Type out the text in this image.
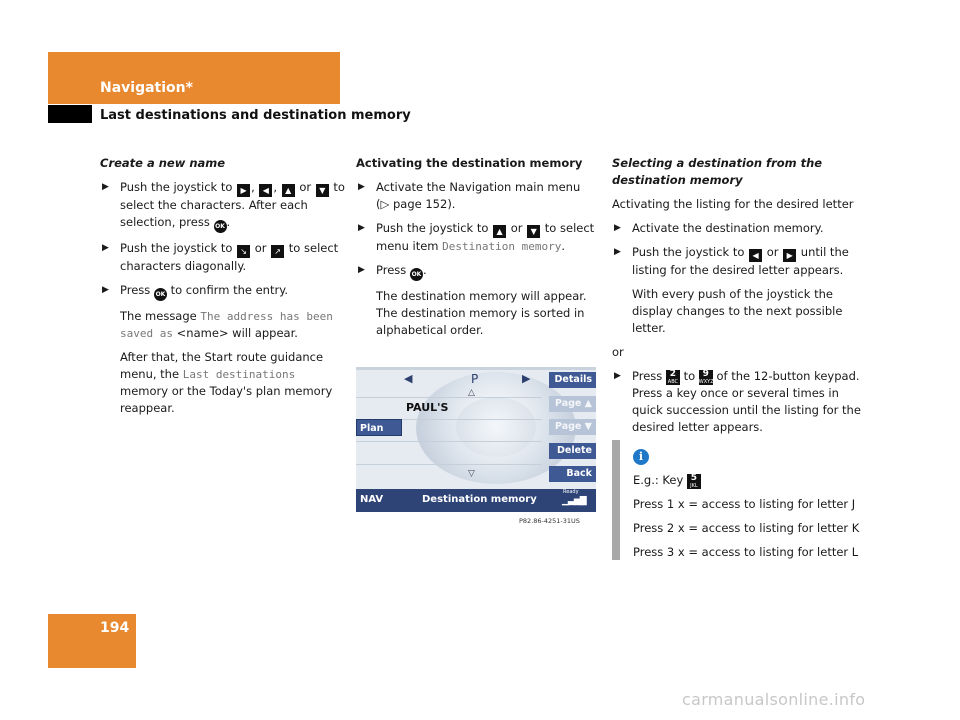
Navigation*
Last destinations and destination memory
Create a new name
▶ Push the joystick to ▶ , ◀ , ▲ or ▼ to select the characters. After each selection, press OK .
▶ Push the joystick to ↘ or ↗ to select characters diagonally.
▶ Press OK to confirm the entry.

The message The address has been saved as <name> will appear.

After that, the Start route guidance menu, the Last destinations memory or the Today's plan memory reappear.

Activating the destination memory
▶ Activate the Navigation main menu (▷ page 152).
▶ Push the joystick to ▲ or ▼ to select menu item Destination memory.
▶ Press OK .

The destination memory will appear. The destination memory is sorted in alphabetical order.

◀	P	▶
△
PAUL'S
Plan
▽
Details
Page ▲
Page ▼
Delete
Back
NAV	Destination memory
Ready
▁▃▅▇
P82.86-4251-31US
Selecting a destination from the destination memory

Activating the listing for the desired letter

▶ Activate the destination memory.
▶ Push the joystick to ◀ or ▶ until the listing for the desired letter appears.

With every push of the joystick the display changes to the next possible letter.

or

▶ Press 2
ABC to 9
WXYZ of the 12-button keypad. Press a key once or several times in quick succession until the listing for the desired letter appears.

i

E.g.: Key 5
JKL

Press 1 x = access to listing for letter J

Press 2 x = access to listing for letter K

Press 3 x = access to listing for letter L

194
carmanualsonline.info
